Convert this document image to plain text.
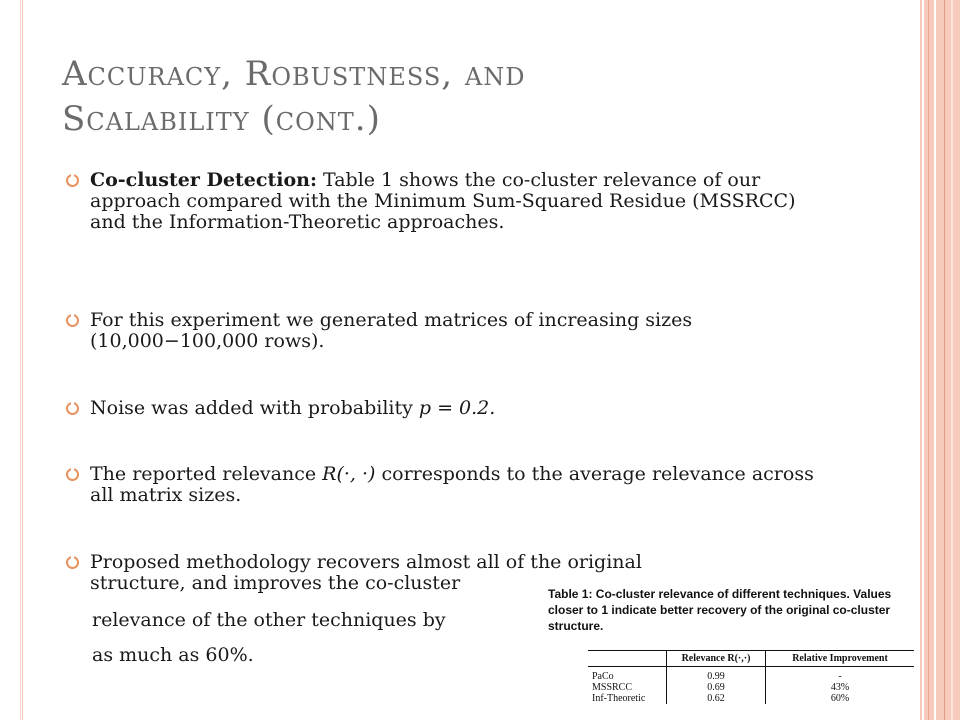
Accuracy, Robustness, and
Scalability (cont.)
Co-cluster Detection: Table 1 shows the co-cluster relevance of our approach compared with the Minimum Sum-Squared Residue (MSSRCC) and the Information-Theoretic approaches.
For this experiment we generated matrices of increasing sizes (10,000−100,000 rows).
Noise was added with probability p = 0.2.
The reported relevance R(·, ·) corresponds to the average relevance across all matrix sizes.
Proposed methodology recovers almost all of the original
structure, and improves the co-cluster
relevance of the other techniques by
as much as 60%.
Table 1: Co-cluster relevance of different techniques. Values closer to 1 indicate better recovery of the original co-cluster structure.
	Relevance R(·,·)	Relative Improvement
PaCo	0.99	-
MSSRCC	0.69	43%
Inf-Theoretic	0.62	60%
